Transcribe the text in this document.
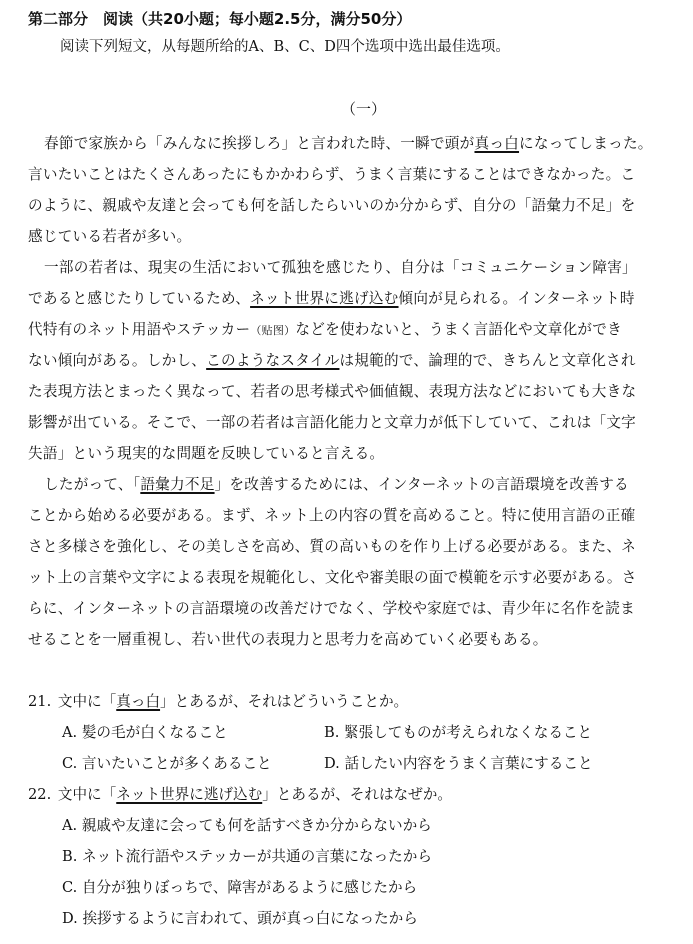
第二部分　阅读（共20小题；每小题2.5分，满分50分）

阅读下列短文，从每题所给的A、B、C、D四个选项中选出最佳选项。

（一）
春節で家族から「みんなに挨拶しろ」と言われた時、一瞬で頭が真っ白になってしまった。
言いたいことはたくさんあったにもかかわらず、うまく言葉にすることはできなかった。こ
のように、親戚や友達と会っても何を話したらいいのか分からず、自分の「語彙力不足」を
感じている若者が多い。
一部の若者は、現実の生活において孤独を感じたり、自分は「コミュニケーション障害」
であると感じたりしているため、ネット世界に逃げ込む傾向が見られる。インターネット時
代特有のネット用語やステッカー（贴图）などを使わないと、うまく言語化や文章化ができ
ない傾向がある。しかし、このようなスタイルは規範的で、論理的で、きちんと文章化され
た表現方法とまったく異なって、若者の思考様式や価値観、表現方法などにおいても大きな
影響が出ている。そこで、一部の若者は言語化能力と文章力が低下していて、これは「文字
失語」という現実的な問題を反映していると言える。
したがって、「語彙力不足」を改善するためには、インターネットの言語環境を改善する
ことから始める必要がある。まず、ネット上の内容の質を高めること。特に使用言語の正確
さと多様さを強化し、その美しさを高め、質の高いものを作り上げる必要がある。また、ネ
ット上の言葉や文字による表現を規範化し、文化や審美眼の面で模範を示す必要がある。さ
らに、インターネットの言語環境の改善だけでなく、学校や家庭では、青少年に名作を読ま
せることを一層重視し、若い世代の表現力と思考力を高めていく必要もある。
21. 文中に「真っ白」とあるが、それはどういうことか。
A. 髪の毛が白くなること	B. 緊張してものが考えられなくなること
C. 言いたいことが多くあること	D. 話したい内容をうまく言葉にすること
22. 文中に「ネット世界に逃げ込む」とあるが、それはなぜか。
A. 親戚や友達に会っても何を話すべきか分からないから
B. ネット流行語やステッカーが共通の言葉になったから
C. 自分が独りぼっちで、障害があるように感じたから
D. 挨拶するように言われて、頭が真っ白になったから
